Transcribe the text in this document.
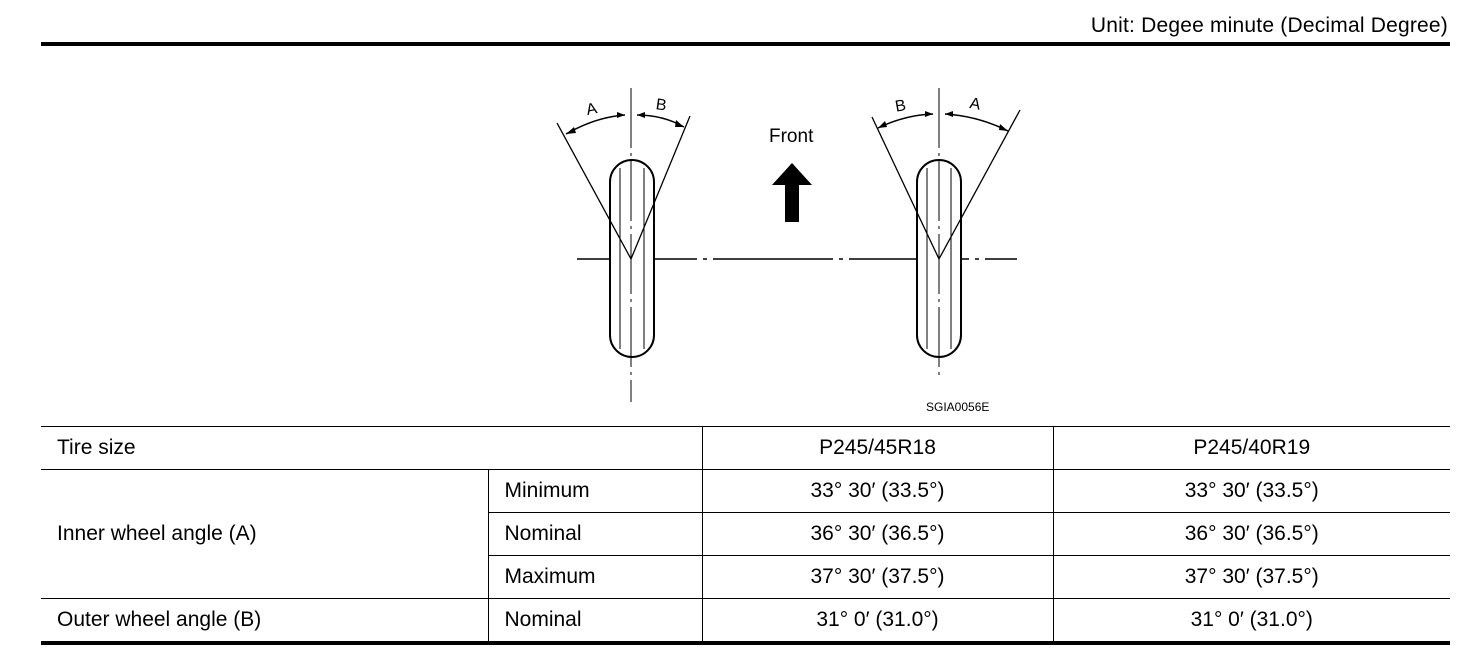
Unit: Degee minute (Decimal Degree)
A	B	B	A
Front
SGIA0056E
Tire size		P245/45R18	P245/40R19
Inner wheel angle (A)	Minimum	33° 30′ (33.5°)	33° 30′ (33.5°)
	Nominal	36° 30′ (36.5°)	36° 30′ (36.5°)
	Maximum	37° 30′ (37.5°)	37° 30′ (37.5°)
Outer wheel angle (B)	Nominal	31° 0′ (31.0°)	31° 0′ (31.0°)
